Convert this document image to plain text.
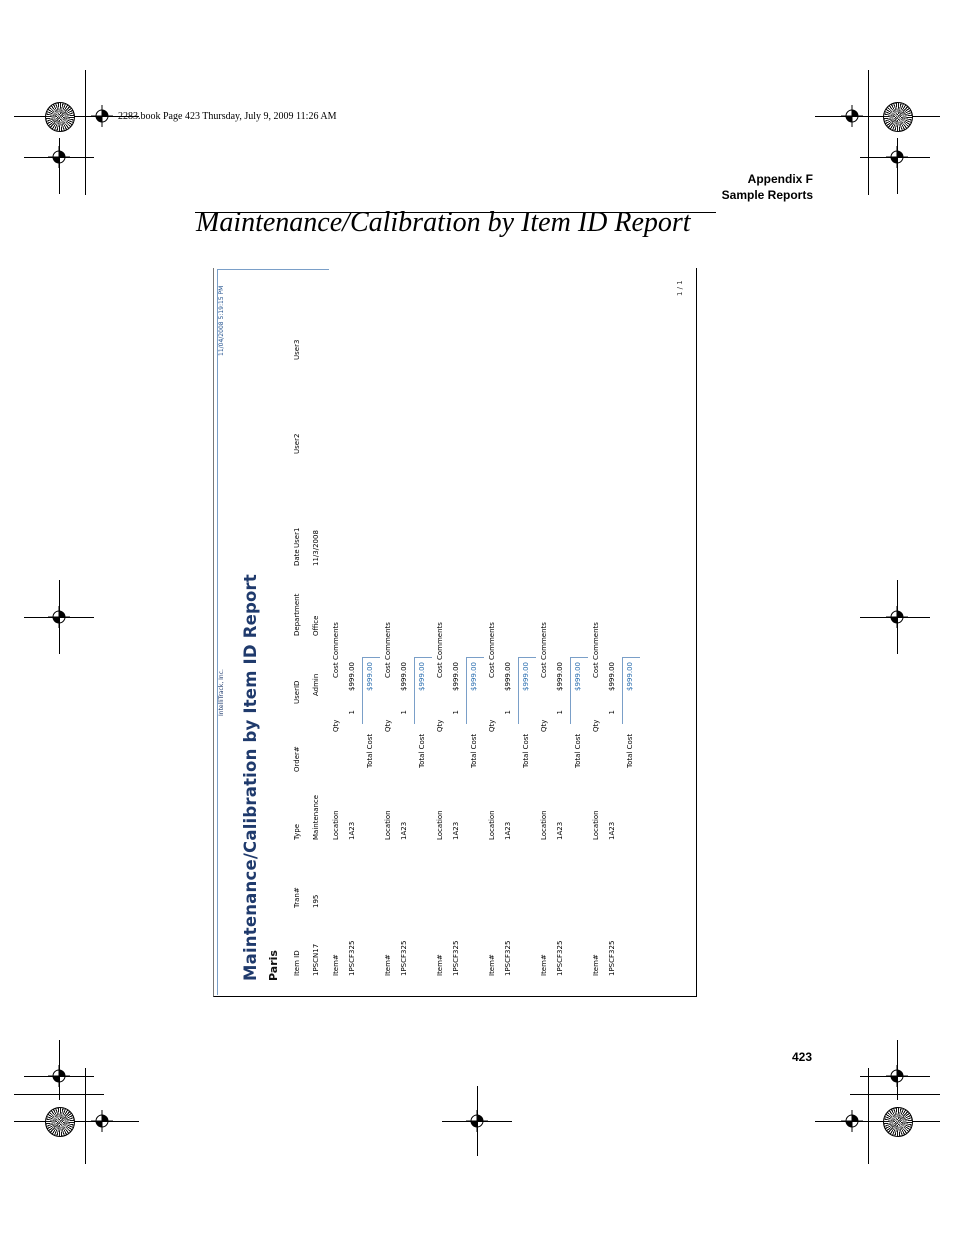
2283.book Page 423 Thursday, July 9, 2009 11:26 AM
Appendix F
Sample Reports
Maintenance/Calibration by Item ID Report
IntelliTrack, Inc.
11/04/2008 5:19:15 PM
Maintenance/Calibration by Item ID Report Paris Item ID
Tran#
Type
Order#
UserID
Department
Date
User1
User2
User3
1PSCN17
195
Maintenance
Admin
Office
11/3/2008
Item#
Location
Qty
Cost
Comments
1PSCF325
1A23
1
$999.00
Total Cost
$999.00
Item#
Location
Qty
Cost
Comments
1PSCF325
1A23
1
$999.00
Total Cost
$999.00
Item#
Location
Qty
Cost
Comments
1PSCF325
1A23
1
$999.00
Total Cost
$999.00
Item#
Location
Qty
Cost
Comments
1PSCF325
1A23
1
$999.00
Total Cost
$999.00
Item#
Location
Qty
Cost
Comments
1PSCF325
1A23
1
$999.00
Total Cost
$999.00
Item#
Location
Qty
Cost
Comments
1PSCF325
1A23
1
$999.00
Total Cost
$999.00
1 / 1
423
